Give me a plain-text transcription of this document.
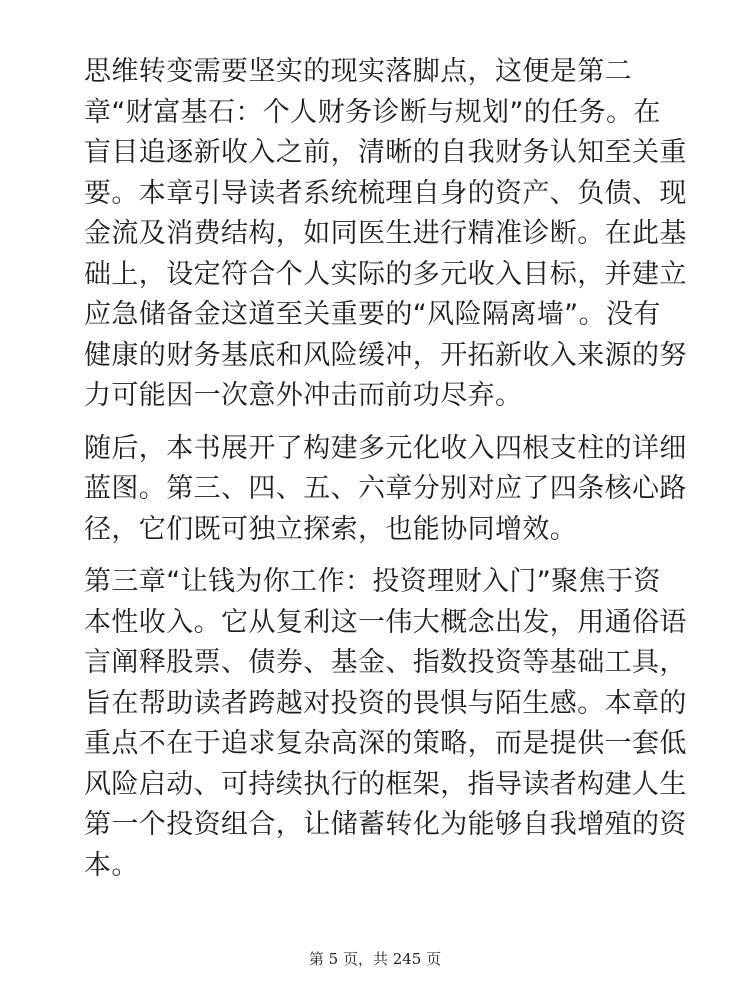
思维转变需要坚实的现实落脚点，这便是第二
章“财富基石：个人财务诊断与规划”的任务。在
盲目追逐新收入之前，清晰的自我财务认知至关重
要。本章引导读者系统梳理自身的资产、负债、现
金流及消费结构，如同医生进行精准诊断。在此基
础上，设定符合个人实际的多元收入目标，并建立
应急储备金这道至关重要的“风险隔离墙”。没有
健康的财务基底和风险缓冲，开拓新收入来源的努
力可能因一次意外冲击而前功尽弃。
随后，本书展开了构建多元化收入四根支柱的详细
蓝图。第三、四、五、六章分别对应了四条核心路
径，它们既可独立探索，也能协同增效。
第三章“让钱为你工作：投资理财入门”聚焦于资
本性收入。它从复利这一伟大概念出发，用通俗语
言阐释股票、债券、基金、指数投资等基础工具，
旨在帮助读者跨越对投资的畏惧与陌生感。本章的
重点不在于追求复杂高深的策略，而是提供一套低
风险启动、可持续执行的框架，指导读者构建人生
第一个投资组合，让储蓄转化为能够自我增殖的资
本。
第 5 页，共 245 页
